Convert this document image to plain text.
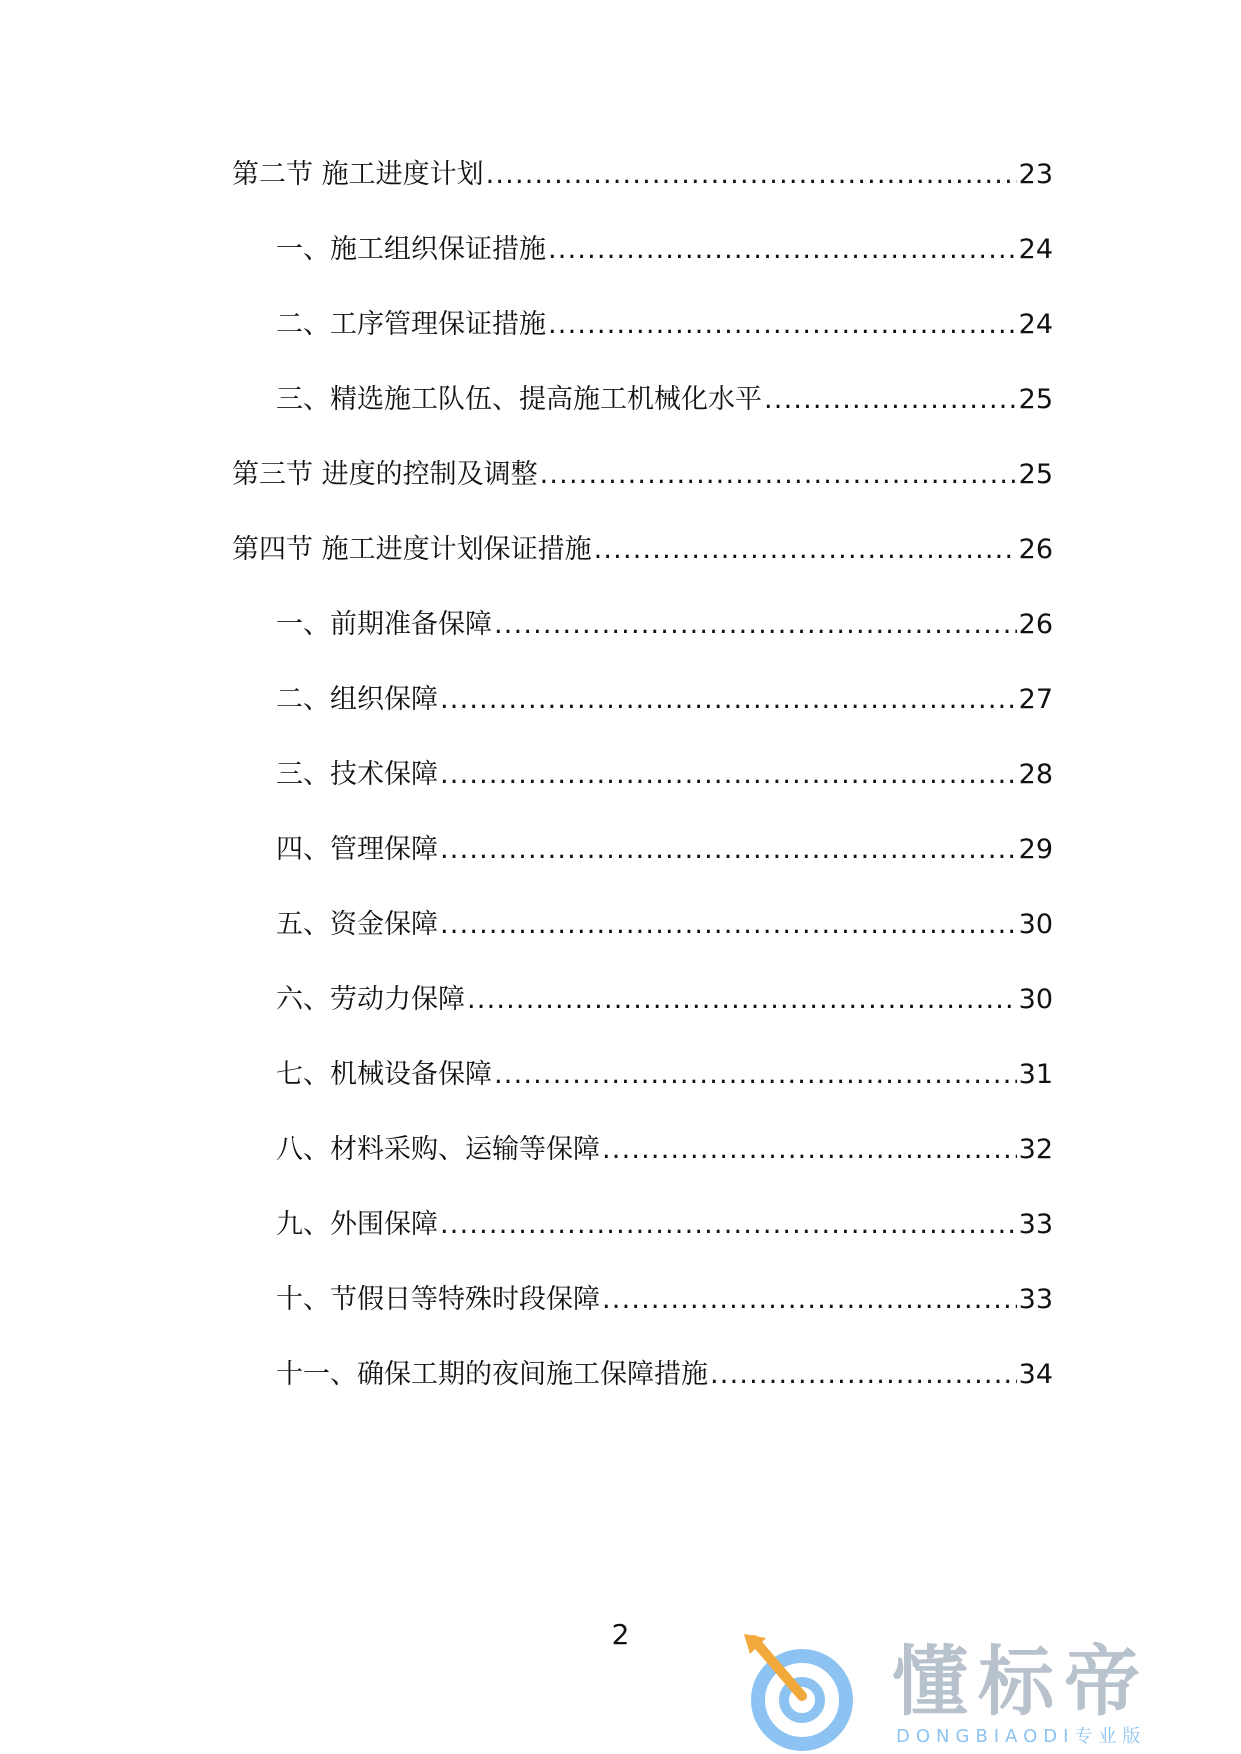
第二节 施工进度计划 .....	23
一、施工组织保证措施 .....	24
二、工序管理保证措施 .....	24
三、精选施工队伍、提高施工机械化水平 .....	25
第三节 进度的控制及调整 .....	25
第四节 施工进度计划保证措施 .....	26
一、前期准备保障 .....	26
二、组织保障 .....	27
三、技术保障 .....	28
四、管理保障 .....	29
五、资金保障 .....	30
六、劳动力保障 .....	30
七、机械设备保障 .....	31
八、材料采购、运输等保障 .....	32
九、外围保障 .....	33
十、节假日等特殊时段保障 .....	33
十一、确保工期的夜间施工保障措施 .....	34
2
懂标帝
DONGBIAODI专业版
